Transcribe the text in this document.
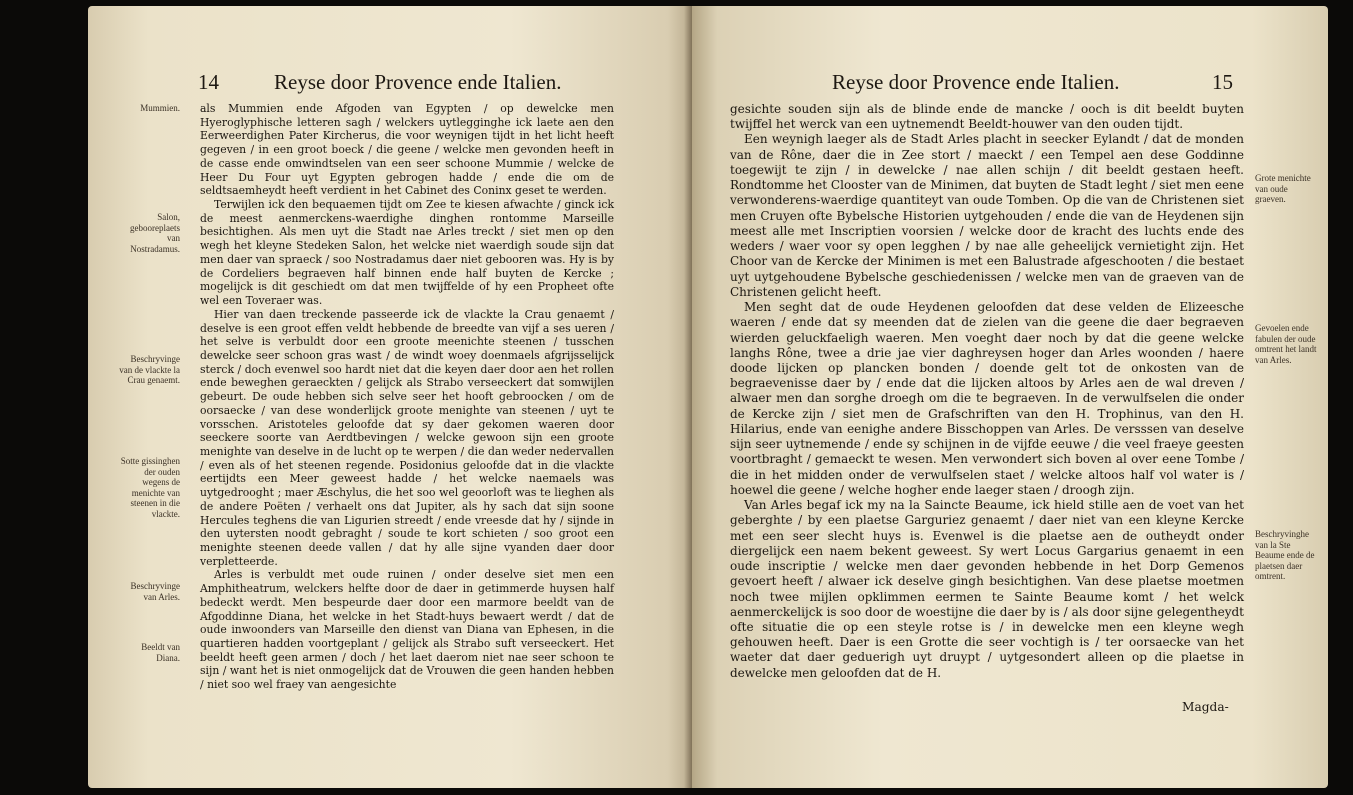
14	Reyse door Provence ende Italien.
Mummien.
Salon, gebooreplaets van Nostradamus.
Beschryvinge van de vlackte la Crau genaemt.
Sotte gissinghen der ouden wegens de menichte van steenen in die vlackte.
Beschryvinge van Arles.
Beeldt van Diana.

als Mummien ende Afgoden van Egypten / op dewelcke men Hyeroglyphische letteren sagh / welckers uytlegginghe ick laete aen den Eerweerdighen Pater Kircherus, die voor weynigen tijdt in het licht heeft gegeven / in een groot boeck / die geene / welcke men gevonden heeft in de casse ende omwindtselen van een seer schoone Mummie / welcke de Heer Du Four uyt Egypten gebrogen hadde / ende die om de seldtsaemheydt heeft verdient in het Cabinet des Coninx geset te werden.

Terwijlen ick den bequaemen tijdt om Zee te kiesen afwachte / ginck ick de meest aenmerckens-waerdighe dinghen rontomme Marseille besichtighen. Als men uyt die Stadt nae Arles treckt / siet men op den wegh het kleyne Stedeken Salon, het welcke niet waerdigh soude sijn dat men daer van spraeck / soo Nostradamus daer niet gebooren was. Hy is by de Cordeliers begraeven half binnen ende half buyten de Kercke ; mogelijck is dit geschiedt om dat men twijffelde of hy een Propheet ofte wel een Toveraer was.

Hier van daen treckende passeerde ick de vlackte la Crau genaemt / deselve is een groot effen veldt hebbende de breedte van vijf a ses ueren / het selve is verbuldt door een groote meenichte steenen / tusschen dewelcke seer schoon gras wast / de windt woey doenmaels afgrijsselijck sterck / doch evenwel soo hardt niet dat die keyen daer door aen het rollen ende beweghen geraeckten / gelijck als Strabo verseeckert dat somwijlen gebeurt. De oude hebben sich selve seer het hooft gebroocken / om de oorsaecke / van dese wonderlijck groote menighte van steenen / uyt te vorsschen. Aristoteles geloofde dat sy daer gekomen waeren door seeckere soorte van Aerdtbevingen / welcke gewoon sijn een groote menighte van deselve in de lucht op te werpen / die dan weder nedervallen / even als of het steenen regende. Posidonius geloofde dat in die vlackte eertijdts een Meer geweest hadde / het welcke naemaels was uytgedrooght ; maer Æschylus, die het soo wel geoorloft was te lieghen als de andere Poëten / verhaelt ons dat Jupiter, als hy sach dat sijn soone Hercules teghens die van Ligurien streedt / ende vreesde dat hy / sijnde in den uytersten noodt gebraght / soude te kort schieten / soo groot een menighte steenen deede vallen / dat hy alle sijne vyanden daer door verpletteerde.

Arles is verbuldt met oude ruinen / onder deselve siet men een Amphitheatrum, welckers helfte door de daer in getimmerde huysen half bedeckt werdt. Men bespeurde daer door een marmore beeldt van de Afgoddinne Diana, het welcke in het Stadt-huys bewaert werdt / dat de oude inwoonders van Marseille den dienst van Diana van Ephesen, in die quartieren hadden voortgeplant / gelijck als Strabo suft verseeckert. Het beeldt heeft geen armen / doch / het laet daerom niet nae seer schoon te sijn / want het is niet onmogelijck dat de Vrouwen die geen handen hebben / niet soo wel fraey van aengesichte

Reyse door Provence ende Italien.	15
Grote menichte van oude graeven.
Gevoelen ende fabulen der oude omtrent het landt van Arles.
Beschryvinghe van la Ste Beaume ende de plaetsen daer omtrent.

gesichte souden sijn als de blinde ende de mancke / ooch is dit beeldt buyten twijffel het werck van een uytnemendt Beeldt-houwer van den ouden tijdt.

Een weynigh laeger als de Stadt Arles placht in seecker Eylandt / dat de monden van de Rône, daer die in Zee stort / maeckt / een Tempel aen dese Goddinne toegewijt te zijn / in dewelcke / nae allen schijn / dit beeldt gestaen heeft. Rondtomme het Clooster van de Minimen, dat buyten de Stadt leght / siet men eene verwonderens-waerdige quantiteyt van oude Tomben. Op die van de Christenen siet men Cruyen ofte Bybelsche Historien uytgehouden / ende die van de Heydenen sijn meest alle met Inscriptien voorsien / welcke door de kracht des luchts ende des weders / waer voor sy open legghen / by nae alle geheelijck vernietight zijn. Het Choor van de Kercke der Minimen is met een Balustrade afgeschooten / die bestaet uyt uytgehoudene Bybelsche geschiedenissen / welcke men van de graeven van de Christenen gelicht heeft.

Men seght dat de oude Heydenen geloofden dat dese velden de Elizeesche waeren / ende dat sy meenden dat de zielen van die geene die daer begraeven wierden geluckfaeligh waeren. Men voeght daer noch by dat die geene welcke langhs Rône, twee a drie jae vier daghreysen hoger dan Arles woonden / haere doode lijcken op plancken bonden / doende gelt tot de onkosten van de begraevenisse daer by / ende dat die lijcken altoos by Arles aen de wal dreven / alwaer men dan sorghe droegh om die te begraeven. In de verwulfselen die onder de Kercke zijn / siet men de Grafschriften van den H. Trophinus, van den H. Hilarius, ende van eenighe andere Bisschoppen van Arles. De versssen van deselve sijn seer uytnemende / ende sy schijnen in de vijfde eeuwe / die veel fraeye geesten voortbraght / gemaeckt te wesen. Men verwondert sich boven al over eene Tombe / die in het midden onder de verwulfselen staet / welcke altoos half vol water is / hoewel die geene / welche hogher ende laeger staen / droogh zijn.

Van Arles begaf ick my na la Saincte Beaume, ick hield stille aen de voet van het geberghte / by een plaetse Garguriez genaemt / daer niet van een kleyne Kercke met een seer slecht huys is. Evenwel is die plaetse aen de outheydt onder diergelijck een naem bekent geweest. Sy wert Locus Gargarius genaemt in een oude inscriptie / welcke men daer gevonden hebbende in het Dorp Gemenos gevoert heeft / alwaer ick deselve gingh besichtighen. Van dese plaetse moetmen noch twee mijlen opklimmen eermen te Sainte Beaume komt / het welck aenmerckelijck is soo door de woestijne die daer by is / als door sijne gelegentheydt ofte situatie die op een steyle rotse is / in dewelcke men een kleyne wegh gehouwen heeft. Daer is een Grotte die seer vochtigh is / ter oorsaecke van het waeter dat daer geduerigh uyt druypt / uytgesondert alleen op die plaetse in dewelcke men geloofden dat de H.

Magda-
